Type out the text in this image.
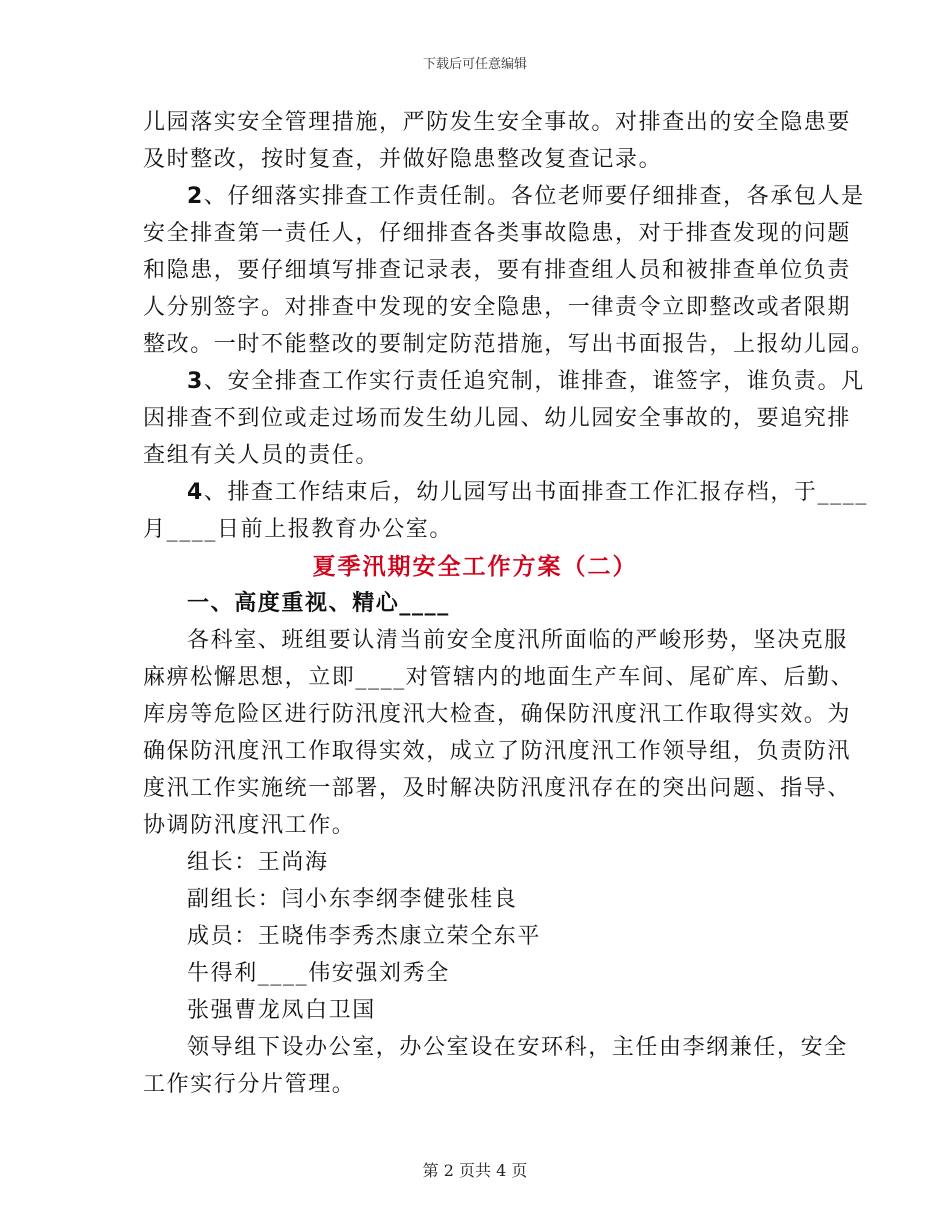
下载后可任意编辑
儿园落实安全管理措施，严防发生安全事故。对排查出的安全隐患要
及时整改，按时复查，并做好隐患整改复查记录。
2、仔细落实排查工作责任制。各位老师要仔细排查，各承包人是
安全排查第一责任人，仔细排查各类事故隐患，对于排查发现的问题
和隐患，要仔细填写排查记录表，要有排查组人员和被排查单位负责
人分别签字。对排查中发现的安全隐患，一律责令立即整改或者限期
整改。一时不能整改的要制定防范措施，写出书面报告，上报幼儿园。
3、安全排查工作实行责任追究制，谁排查，谁签字，谁负责。凡
因排查不到位或走过场而发生幼儿园、幼儿园安全事故的，要追究排
查组有关人员的责任。
4、排查工作结束后，幼儿园写出书面排查工作汇报存档，于____
月____日前上报教育办公室。
夏季汛期安全工作方案（二）
一、高度重视、精心____
各科室、班组要认清当前安全度汛所面临的严峻形势，坚决克服
麻痹松懈思想，立即____对管辖内的地面生产车间、尾矿库、后勤、
库房等危险区进行防汛度汛大检查，确保防汛度汛工作取得实效。为
确保防汛度汛工作取得实效，成立了防汛度汛工作领导组，负责防汛
度汛工作实施统一部署，及时解决防汛度汛存在的突出问题、指导、
协调防汛度汛工作。
组长：王尚海
副组长：闫小东李纲李健张桂良
成员：王晓伟李秀杰康立荣仝东平
牛得利____伟安强刘秀全
张强曹龙凤白卫国
领导组下设办公室，办公室设在安环科，主任由李纲兼任，安全
工作实行分片管理。
第 2 页共 4 页
